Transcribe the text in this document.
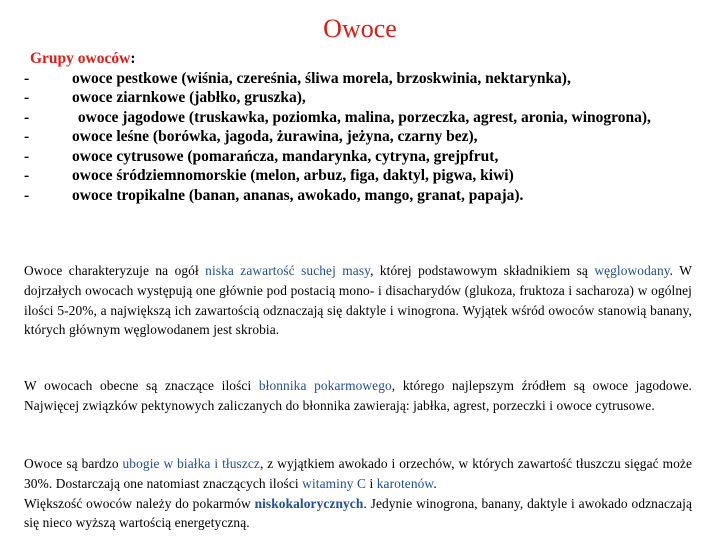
Owoce
Grupy owoców:
-	owoce pestkowe (wiśnia, czereśnia, śliwa morela, brzoskwinia, nektarynka),
-	owoce ziarnkowe (jabłko, gruszka),
-	owoce jagodowe (truskawka, poziomka, malina, porzeczka, agrest, aronia, winogrona),
-	owoce leśne (borówka, jagoda, żurawina, jeżyna, czarny bez),
-	owoce cytrusowe (pomarańcza, mandarynka, cytryna, grejpfrut,
-	owoce śródziemnomorskie (melon, arbuz, figa, daktyl, pigwa, kiwi)
-	owoce tropikalne (banan, ananas, awokado, mango, granat, papaja).
Owoce charakteryzuje na ogół niska zawartość suchej masy, której podstawowym składnikiem są węglowodany. W dojrzałych owocach występują one głównie pod postacią mono- i disacharydów (glukoza, fruktoza i sacharoza) w ogólnej ilości 5-20%, a największą ich zawartością odznaczają się daktyle i winogrona. Wyjątek wśród owoców stanowią banany, których głównym węglowodanem jest skrobia.
W owocach obecne są znaczące ilości błonnika pokarmowego, którego najlepszym źródłem są owoce jagodowe. Najwięcej związków pektynowych zaliczanych do błonnika zawierają: jabłka, agrest, porzeczki i owoce cytrusowe.
Owoce są bardzo ubogie w białka i tłuszcz, z wyjątkiem awokado i orzechów, w których zawartość tłuszczu sięgać może 30%. Dostarczają one natomiast znaczących ilości witaminy C i karotenów.
Większość owoców należy do pokarmów niskokalorycznych. Jedynie winogrona, banany, daktyle i awokado odznaczają się nieco wyższą wartością energetyczną.
